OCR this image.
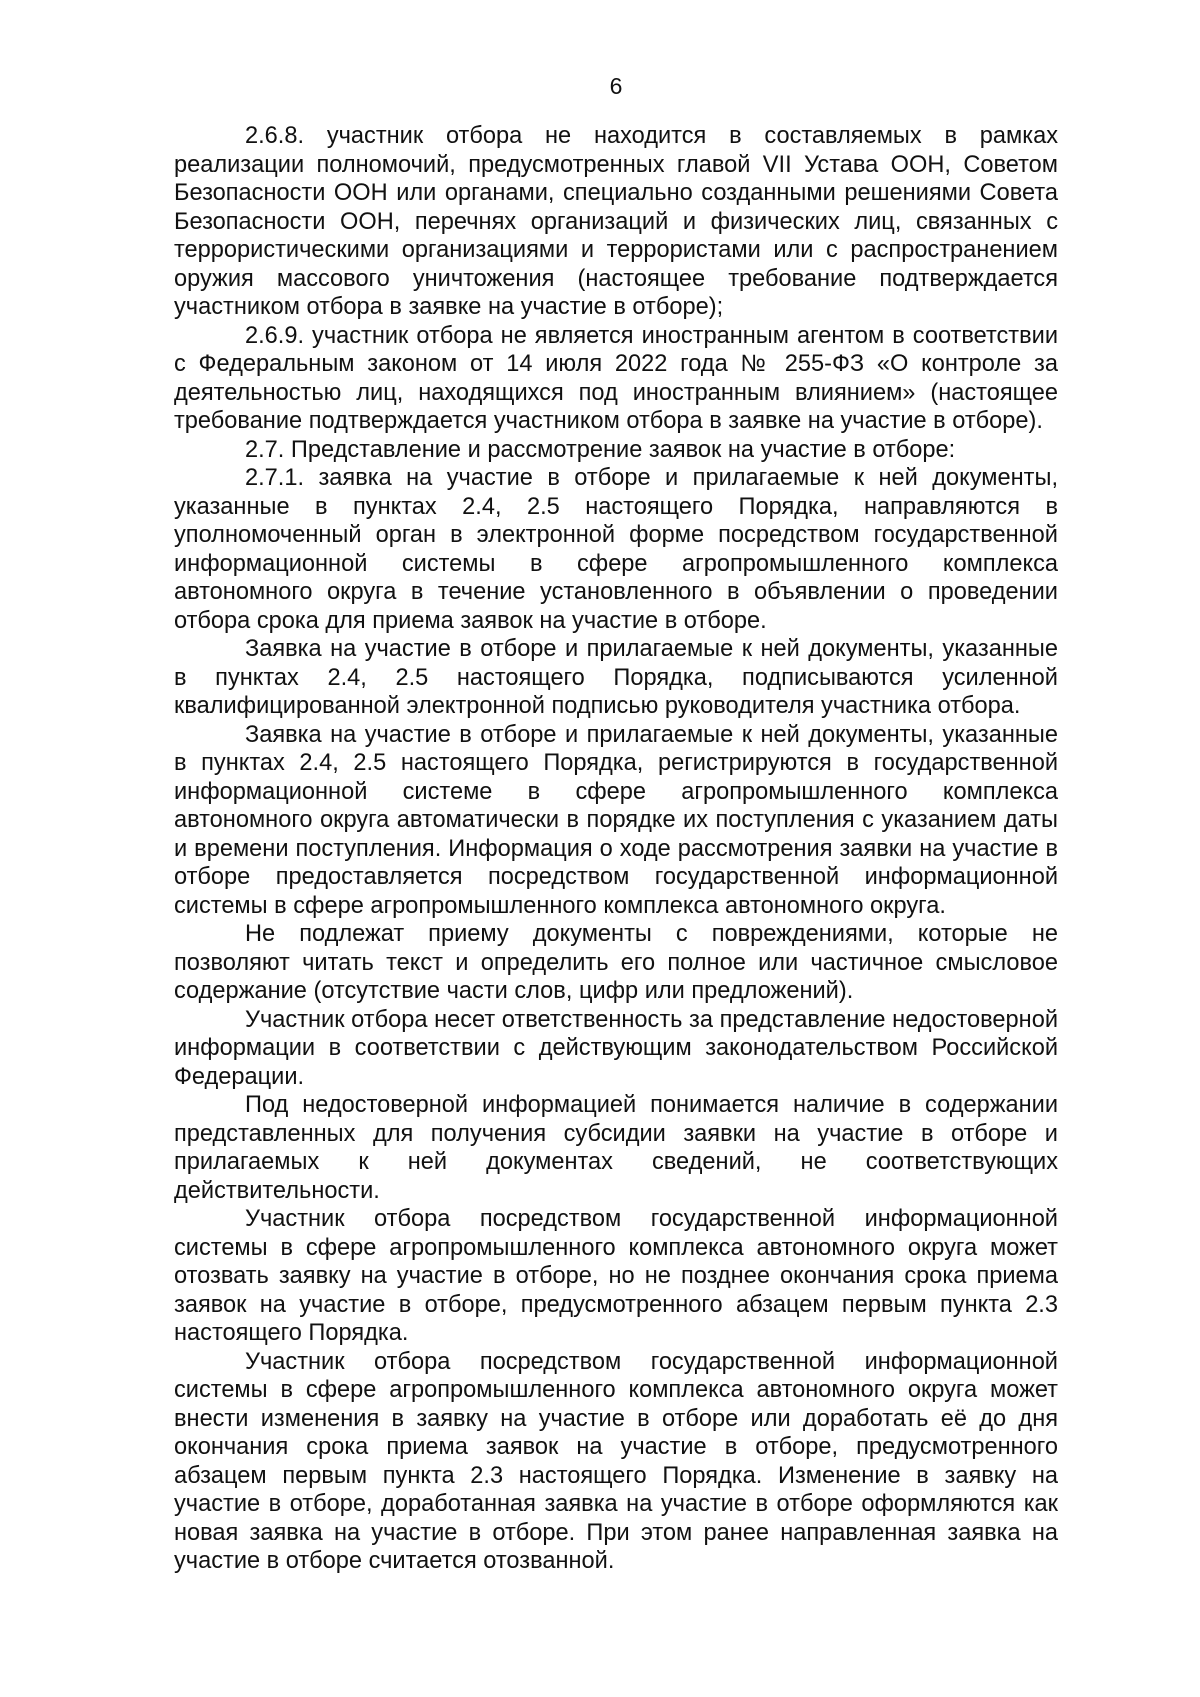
6

2.6.8. участник отбора не находится в составляемых в рамках реализации полномочий, предусмотренных главой VII Устава ООН, Советом Безопасности ООН или органами, специально созданными решениями Совета Безопасности ООН, перечнях организаций и физических лиц, связанных с террористическими организациями и террористами или с распространением оружия массового уничтожения (настоящее требование подтверждается участником отбора в заявке на участие в отборе);

2.6.9. участник отбора не является иностранным агентом в соответствии с Федеральным законом от 14 июля 2022 года № 255-ФЗ «О контроле за деятельностью лиц, находящихся под иностранным влиянием» (настоящее требование подтверждается участником отбора в заявке на участие в отборе).

2.7. Представление и рассмотрение заявок на участие в отборе:

2.7.1. заявка на участие в отборе и прилагаемые к ней документы, указанные в пунктах 2.4, 2.5 настоящего Порядка, направляются в уполномоченный орган в электронной форме посредством государственной информационной системы в сфере агропромышленного комплекса автономного округа в течение установленного в объявлении о проведении отбора срока для приема заявок на участие в отборе.

Заявка на участие в отборе и прилагаемые к ней документы, указанные в пунктах 2.4, 2.5 настоящего Порядка, подписываются усиленной квалифицированной электронной подписью руководителя участника отбора.

Заявка на участие в отборе и прилагаемые к ней документы, указанные в пунктах 2.4, 2.5 настоящего Порядка, регистрируются в государственной информационной системе в сфере агропромышленного комплекса автономного округа автоматически в порядке их поступления с указанием даты и времени поступления. Информация о ходе рассмотрения заявки на участие в отборе предоставляется посредством государственной информационной системы в сфере агропромышленного комплекса автономного округа.

Не подлежат приему документы с повреждениями, которые не позволяют читать текст и определить его полное или частичное смысловое содержание (отсутствие части слов, цифр или предложений).

Участник отбора несет ответственность за представление недостоверной информации в соответствии с действующим законодательством Российской Федерации.

Под недостоверной информацией понимается наличие в содержании представленных для получения субсидии заявки на участие в отборе и прилагаемых к ней документах сведений, не соответствующих действительности.

Участник отбора посредством государственной информационной системы в сфере агропромышленного комплекса автономного округа может отозвать заявку на участие в отборе, но не позднее окончания срока приема заявок на участие в отборе, предусмотренного абзацем первым пункта 2.3 настоящего Порядка.

Участник отбора посредством государственной информационной системы в сфере агропромышленного комплекса автономного округа может внести изменения в заявку на участие в отборе или доработать её до дня окончания срока приема заявок на участие в отборе, предусмотренного абзацем первым пункта 2.3 настоящего Порядка. Изменение в заявку на участие в отборе, доработанная заявка на участие в отборе оформляются как новая заявка на участие в отборе. При этом ранее направленная заявка на участие в отборе считается отозванной.
